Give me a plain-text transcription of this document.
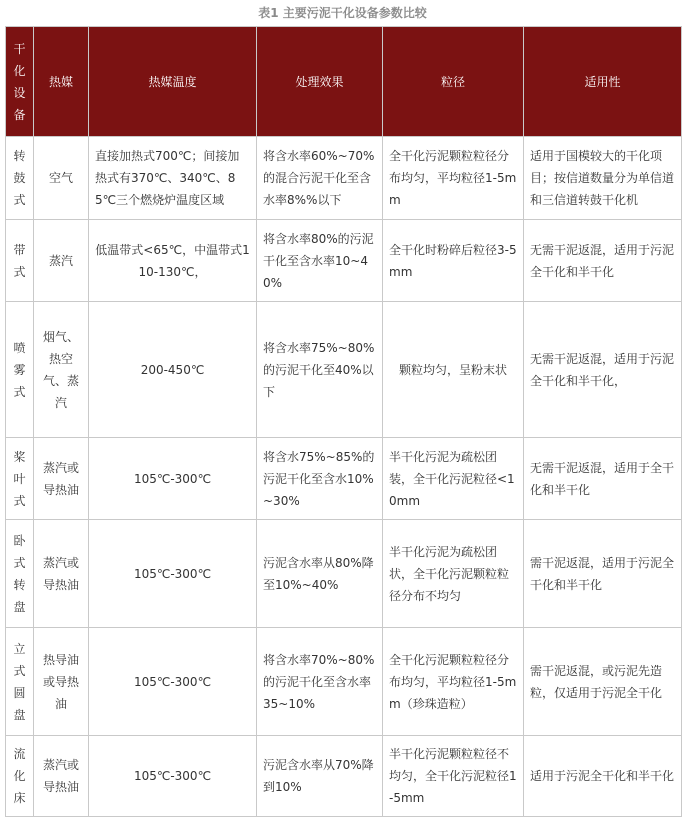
表1 主要污泥干化设备参数比较
干化设备	热媒	热媒温度	处理效果	粒径	适用性
转鼓式	空气	直接加热式700℃；间接加热式有370℃、340℃、85℃三个燃烧炉温度区域	将含水率60%~70%的混合污泥干化至含水率8%%以下	全干化污泥颗粒粒径分布均匀，平均粒径1-5mm	适用于国模较大的干化项目；按信道数量分为单信道和三信道转鼓干化机
带式	蒸汽	低温带式<65℃，中温带式110-130℃，	将含水率80%的污泥干化至含水率10~40%	全干化时粉碎后粒径3-5mm	无需干泥返混，适用于污泥全干化和半干化
喷雾式	烟气、热空气、蒸汽	200-450℃	将含水率75%~80%的污泥干化至40%以下	颗粒均匀，呈粉末状	无需干泥返混，适用于污泥全干化和半干化，
桨叶式	蒸汽或导热油	105℃-300℃	将含水75%~85%的污泥干化至含水10%~30%	半干化污泥为疏松团装，全干化污泥粒径<10mm	无需干泥返混，适用于全干化和半干化
卧式转盘	蒸汽或导热油	105℃-300℃	污泥含水率从80%降至10%~40%	半干化污泥为疏松团状，全干化污泥颗粒粒径分布不均匀	需干泥返混，适用于污泥全干化和半干化
立式圆盘	热导油或导热油	105℃-300℃	将含水率70%~80%的污泥干化至含水率35~10%	全干化污泥颗粒粒径分布均匀，平均粒径1-5mm（珍珠造粒）	需干泥返混，或污泥先造粒，仅适用于污泥全干化
流化床	蒸汽或导热油	105℃-300℃	污泥含水率从70%降到10%	半干化污泥颗粒粒径不均匀，全干化污泥粒径1-5mm	适用于污泥全干化和半干化
